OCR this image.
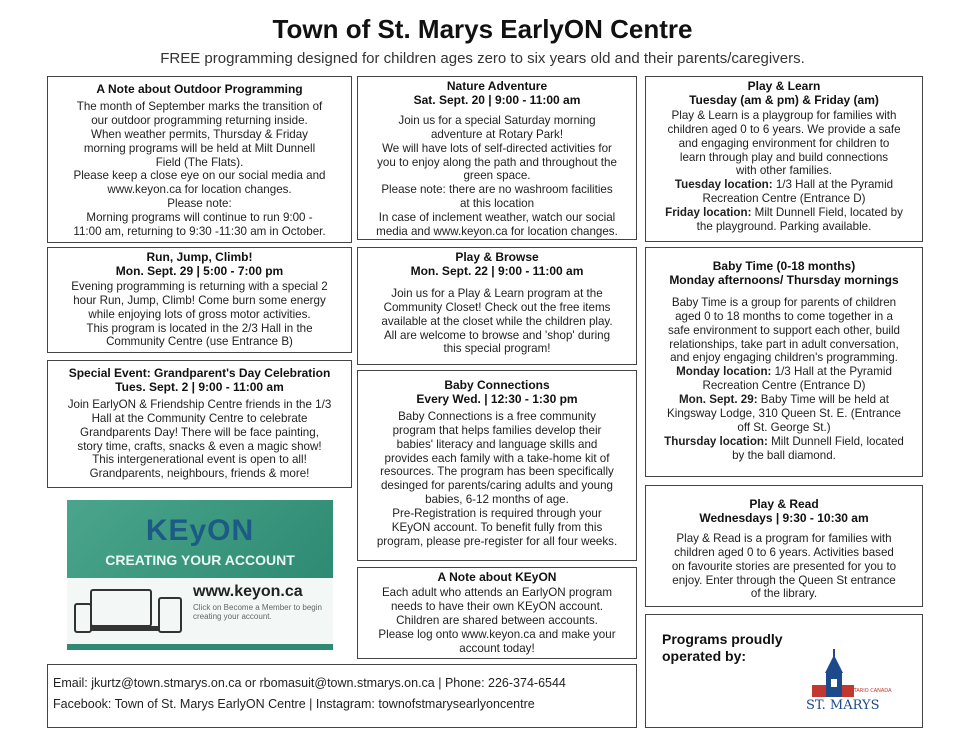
Town of St. Marys EarlyON Centre
FREE programming designed for children ages zero to six years old and their parents/caregivers.
A Note about Outdoor Programming
The month of September marks the transition of
our outdoor programming returning inside.
When weather permits, Thursday & Friday
morning programs will be held at Milt Dunnell
Field (The Flats).
Please keep a close eye on our social media and
www.keyon.ca for location changes.
Please note:
Morning programs will continue to run 9:00 -
11:00 am, returning to 9:30 -11:30 am in October.
Run, Jump, Climb!
Mon. Sept. 29 | 5:00 - 7:00 pm
Evening programming is returning with a special 2
hour Run, Jump, Climb! Come burn some energy
while enjoying lots of gross motor activities.
This program is located in the 2/3 Hall in the
Community Centre (use Entrance B)
Special Event: Grandparent's Day Celebration
Tues. Sept. 2 | 9:00 - 11:00 am
Join EarlyON & Friendship Centre friends in the 1/3
Hall at the Community Centre to celebrate
Grandparents Day! There will be face painting,
story time, crafts, snacks & even a magic show!
This intergenerational event is open to all!
Grandparents, neighbours, friends & more!
KEyON
CREATING YOUR ACCOUNT
www.keyon.ca
Click on Become a Member to begin creating your account.
Nature Adventure
Sat. Sept. 20 | 9:00 - 11:00 am
Join us for a special Saturday morning
adventure at Rotary Park!
We will have lots of self-directed activities for
you to enjoy along the path and throughout the
green space.
Please note: there are no washroom facilities
at this location
In case of inclement weather, watch our social
media and www.keyon.ca for location changes.
Play & Browse
Mon. Sept. 22 | 9:00 - 11:00 am
Join us for a Play & Learn program at the
Community Closet! Check out the free items
available at the closet while the children play.
All are welcome to browse and 'shop' during
this special program!
Baby Connections
Every Wed. | 12:30 - 1:30 pm
Baby Connections is a free community
program that helps families develop their
babies' literacy and language skills and
provides each family with a take-home kit of
resources. The program has been specifically
desinged for parents/caring adults and young
babies, 6-12 months of age.
Pre-Registration is required through your
KEyON account. To benefit fully from this
program, please pre-register for all four weeks.
A Note about KEyON
Each adult who attends an EarlyON program
needs to have their own KEyON account.
Children are shared between accounts.
Please log onto www.keyon.ca and make your
account today!
Play & Learn
Tuesday (am & pm) & Friday (am)
Play & Learn is a playgroup for families with
children aged 0 to 6 years. We provide a safe
and engaging environment for children to
learn through play and build connections
with other families.
Tuesday location: 1/3 Hall at the Pyramid
Recreation Centre (Entrance D)
Friday location: Milt Dunnell Field, located by
the playground. Parking available.
Baby Time (0-18 months)
Monday afternoons/ Thursday mornings
Baby Time is a group for parents of children
aged 0 to 18 months to come together in a
safe environment to support each other, build
relationships, take part in adult conversation,
and enjoy engaging children's programming.
Monday location: 1/3 Hall at the Pyramid
Recreation Centre (Entrance D)
Mon. Sept. 29: Baby Time will be held at
Kingsway Lodge, 310 Queen St. E. (Entrance
off St. George St.)
Thursday location: Milt Dunnell Field, located
by the ball diamond.
Play & Read
Wednesdays | 9:30 - 10:30 am
Play & Read is a program for families with
children aged 0 to 6 years. Activities based
on favourite stories are presented for you to
enjoy. Enter through the Queen St entrance
of the library.
Programs proudly
operated by:
ONTARIO CANADA
ST. MARYS
Email: jkurtz@town.stmarys.on.ca or rbomasuit@town.stmarys.on.ca | Phone: 226-374-6544
Facebook: Town of St. Marys EarlyON Centre | Instagram: townofstmarysearlyoncentre
